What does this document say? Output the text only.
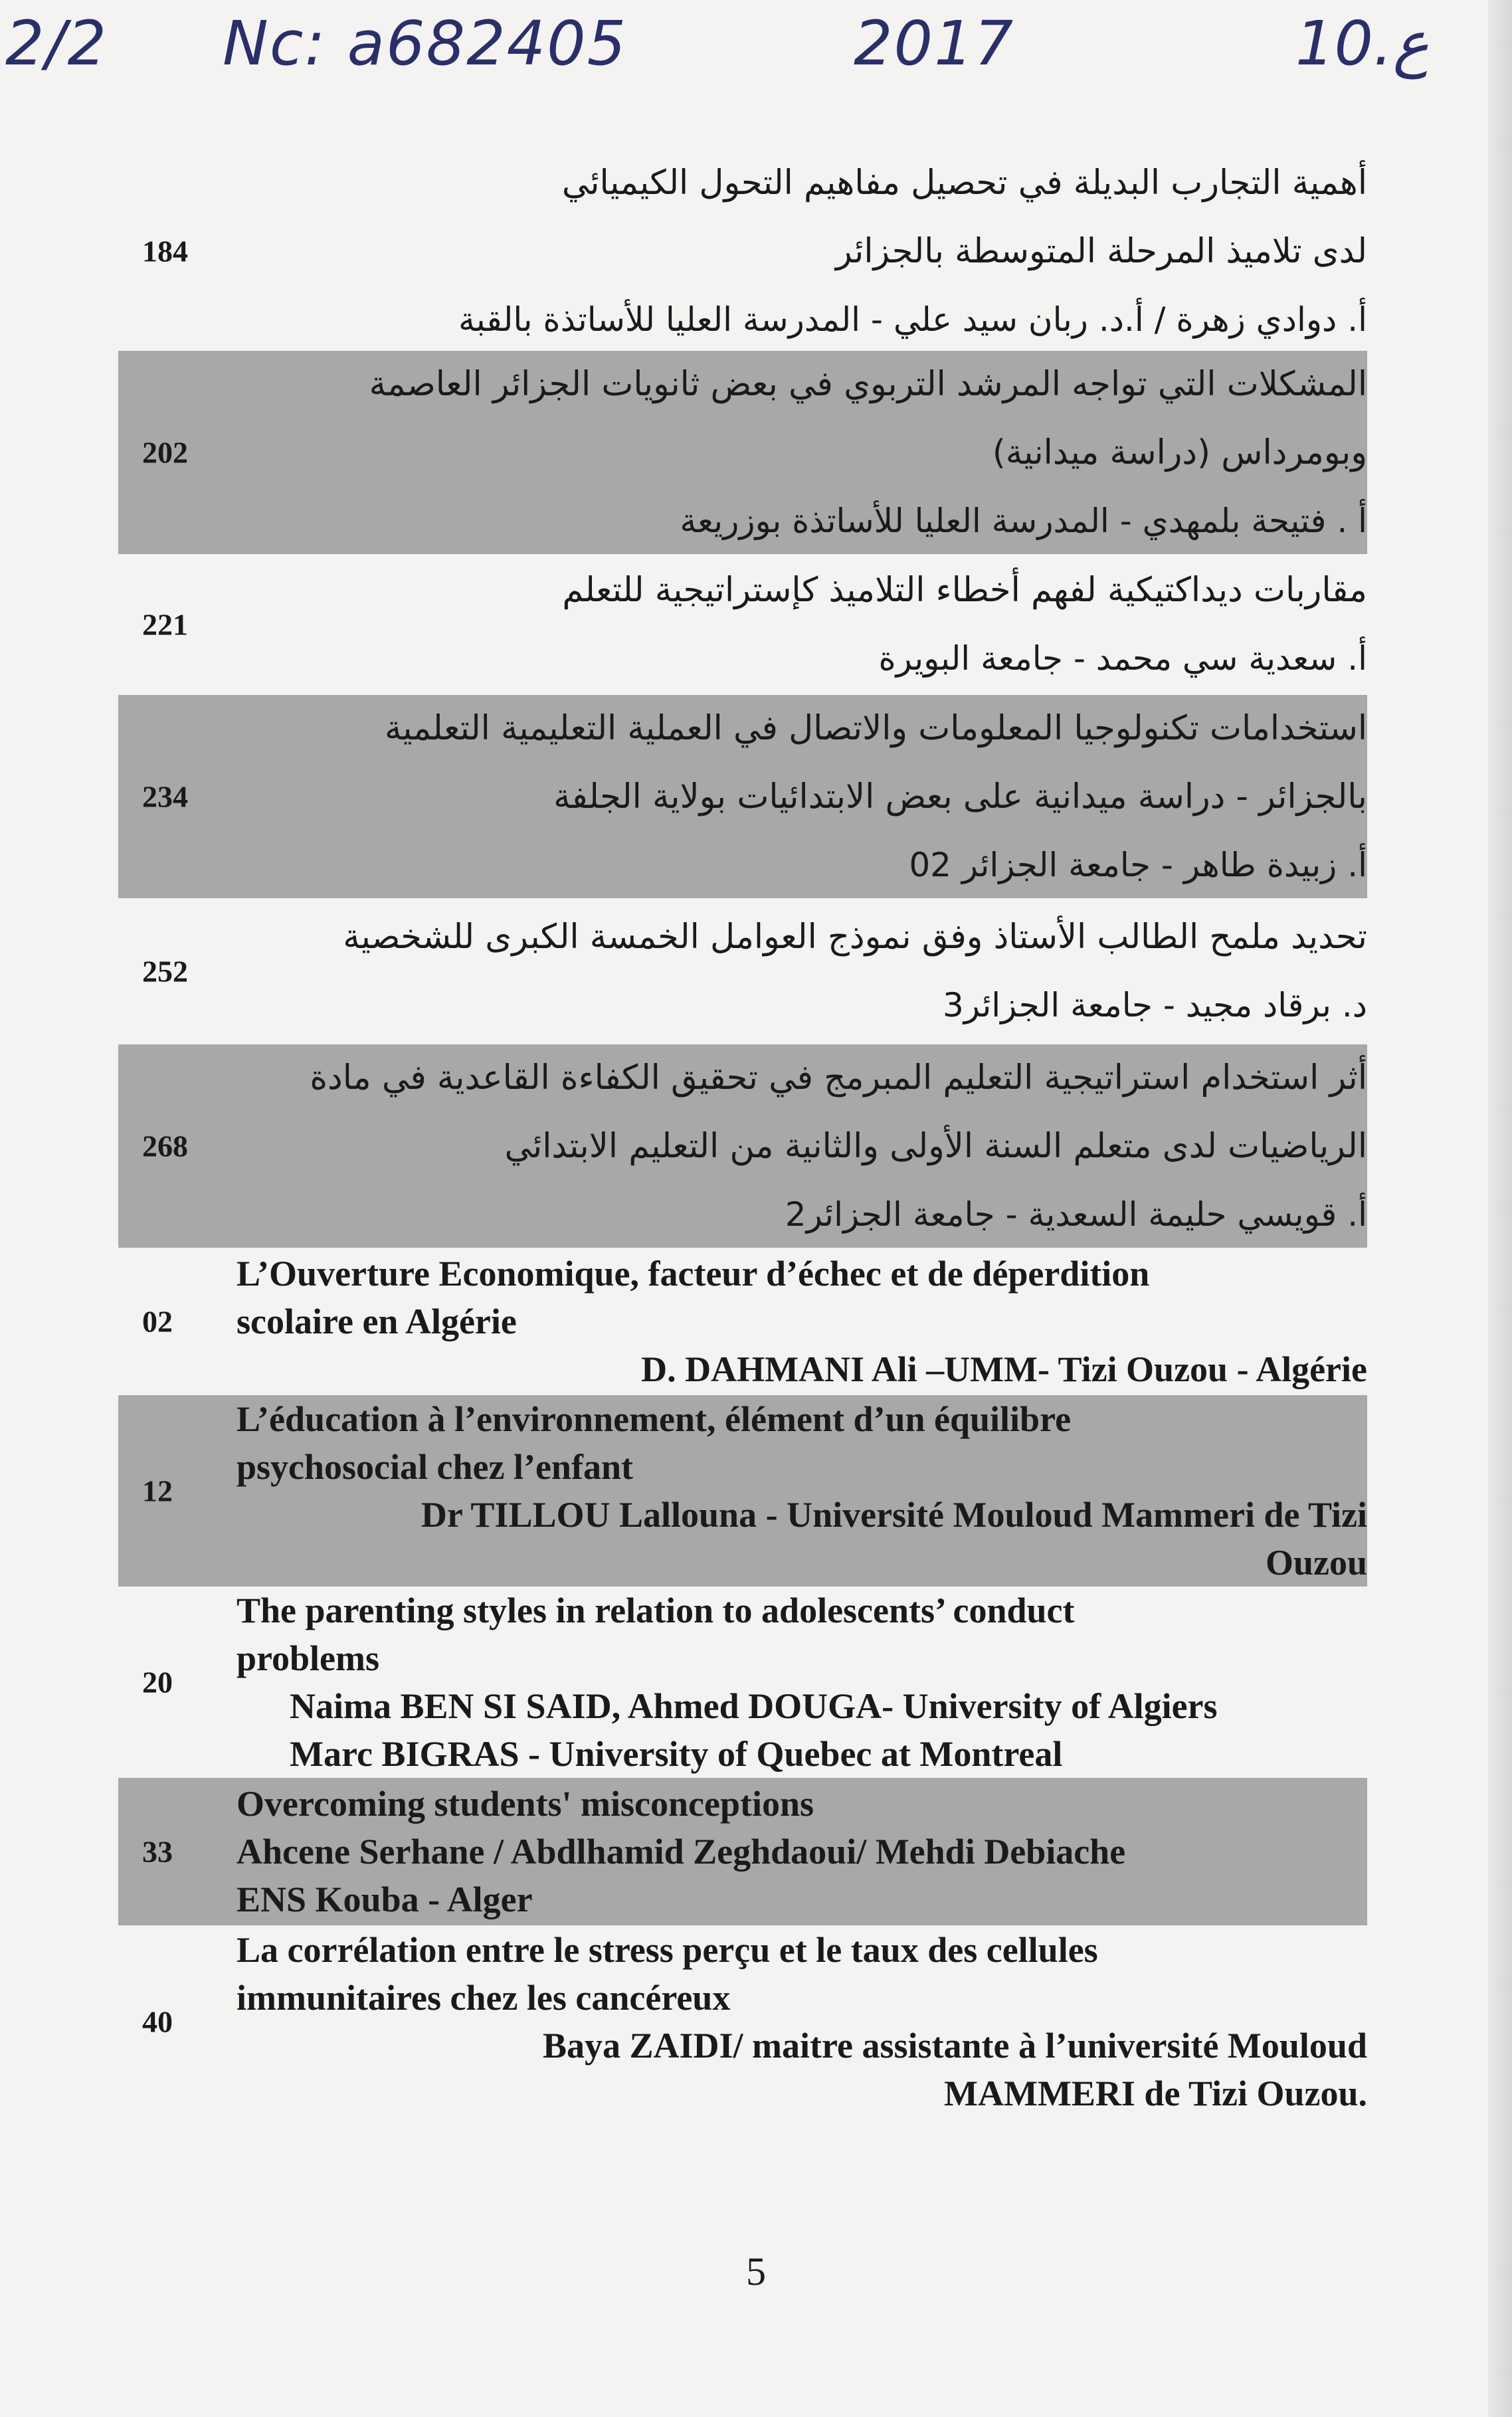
2/2 Nc: a682405	2017	ع.10
184
أهمية التجارب البديلة في تحصيل مفاهيم التحول الكيميائي
لدى تلاميذ المرحلة المتوسطة بالجزائر
أ. دوادي زهرة / أ.د. ربان سيد علي - المدرسة العليا للأساتذة بالقبة
202
المشكلات التي تواجه المرشد التربوي في بعض ثانويات الجزائر العاصمة
وبومرداس (دراسة ميدانية)
أ . فتيحة بلمهدي - المدرسة العليا للأساتذة بوزريعة
221
مقاربات ديداكتيكية لفهم أخطاء التلاميذ كإستراتيجية للتعلم
أ. سعدية سي محمد - جامعة البويرة
234
استخدامات تكنولوجيا المعلومات والاتصال في العملية التعليمية التعلمية
بالجزائر - دراسة ميدانية على بعض الابتدائيات بولاية الجلفة
أ. زبيدة طاهر - جامعة الجزائر 02
252
تحديد ملمح الطالب الأستاذ وفق نموذج العوامل الخمسة الكبرى للشخصية
د. برقاد مجيد - جامعة الجزائر3
268
أثر استخدام استراتيجية التعليم المبرمج في تحقيق الكفاءة القاعدية في مادة
الرياضيات لدى متعلم السنة الأولى والثانية من التعليم الابتدائي
أ. قويسي حليمة السعدية - جامعة الجزائر2
02
L’Ouverture Economique, facteur d’échec et de déperdition
scolaire en Algérie
D. DAHMANI Ali –UMM- Tizi Ouzou - Algérie
12
L’éducation à l’environnement, élément d’un équilibre
psychosocial chez l’enfant
Dr TILLOU Lallouna - Université Mouloud Mammeri de Tizi
Ouzou
20
The parenting styles in relation to adolescents’ conduct
problems
Naima BEN SI SAID, Ahmed DOUGA- University of Algiers
Marc BIGRAS - University of Quebec at Montreal
33
Overcoming students' misconceptions
Ahcene Serhane / Abdlhamid Zeghdaoui/ Mehdi Debiache
ENS Kouba - Alger
40
La corrélation entre le stress perçu et le taux des cellules
immunitaires chez les cancéreux
Baya ZAIDI/ maitre assistante à l’université Mouloud
MAMMERI de Tizi Ouzou.
5
